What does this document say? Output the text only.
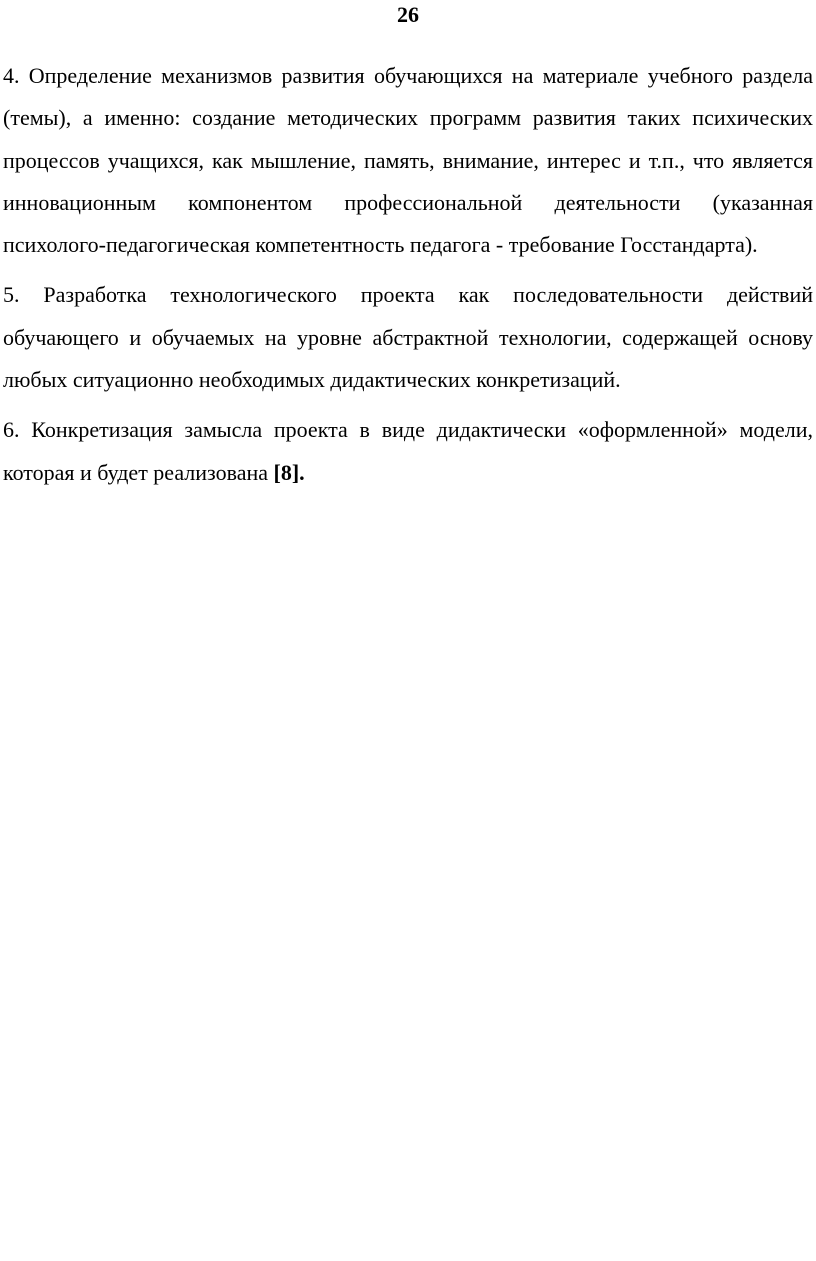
26

4. Определение механизмов развития обучающихся на материале учебного раздела (темы), а именно: создание методических программ развития таких психических процессов учащихся, как мышление, память, внимание, интерес и т.п., что является инновационным компонентом профессиональной деятельности (указанная психолого-педагогическая компетентность педагога - требование Госстандарта).

5. Разработка технологического проекта как последовательности действий обучающего и обучаемых на уровне абстрактной технологии, содержащей основу любых ситуационно необходимых дидактических конкретизаций.

6. Конкретизация замысла проекта в виде дидактически «оформленной» модели, которая и будет реализована [8].
